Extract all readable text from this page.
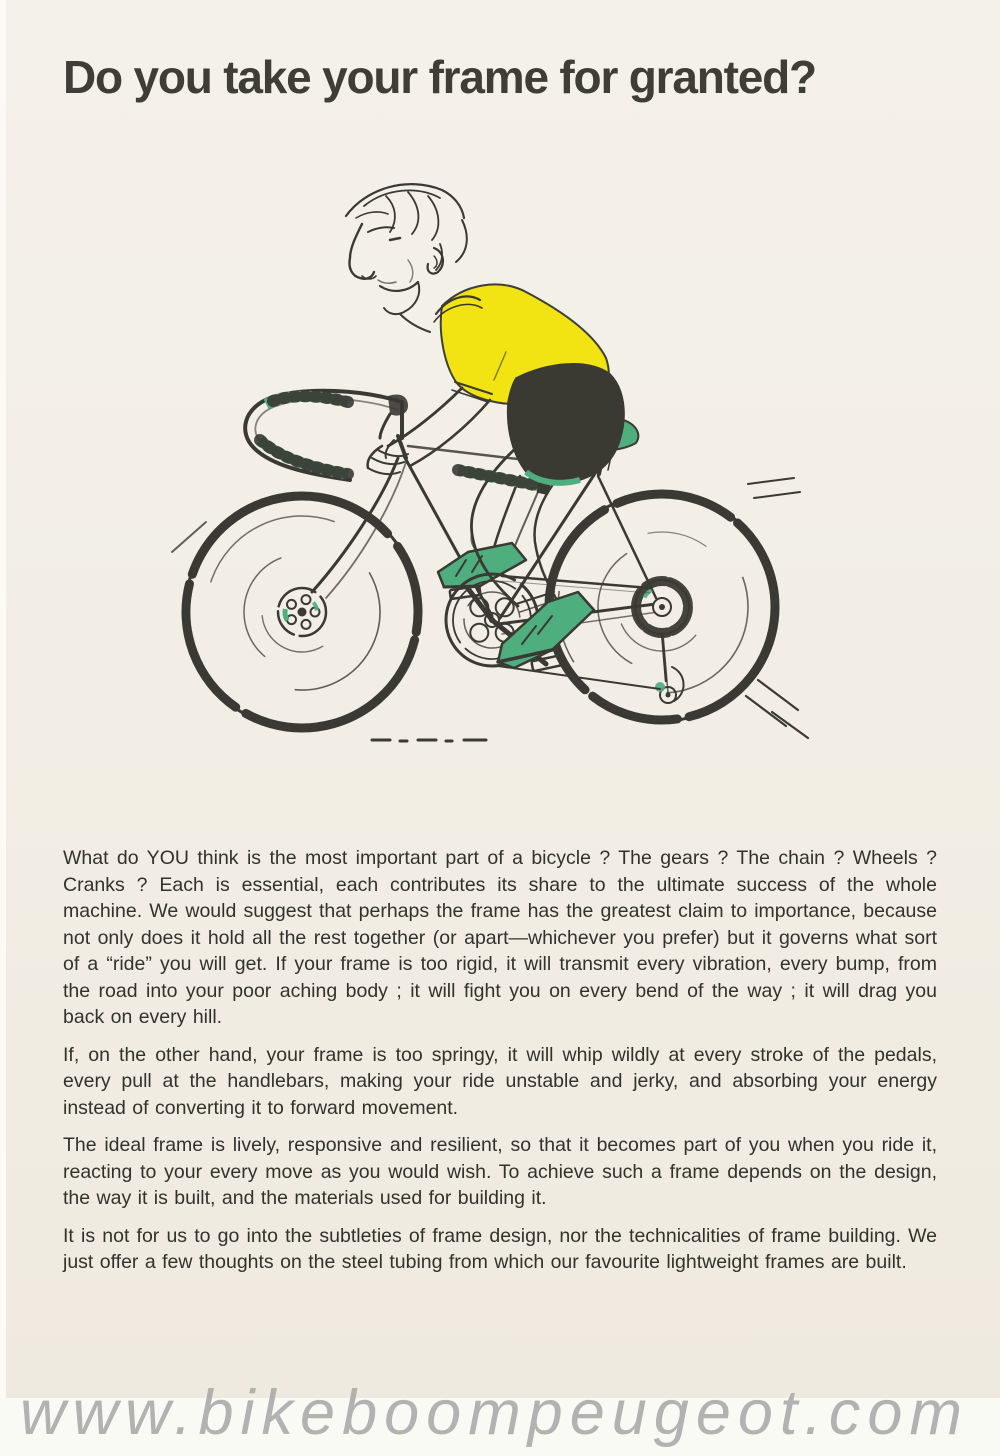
Do you take your frame for granted?

What do YOU think is the most important part of a bicycle ? The gears ? The chain ? Wheels ? Cranks ? Each is essential, each contributes its share to the ultimate success of the whole machine. We would suggest that perhaps the frame has the greatest claim to importance, because not only does it hold all the rest together (or apart—whichever you prefer) but it governs what sort of a “ride” you will get. If your frame is too rigid, it will transmit every vibration, every bump, from the road into your poor aching body ; it will fight you on every bend of the way ; it will drag you back on every hill.

If, on the other hand, your frame is too springy, it will whip wildly at every stroke of the pedals, every pull at the handlebars, making your ride unstable and jerky, and absorbing your energy instead of converting it to forward movement.

The ideal frame is lively, responsive and resilient, so that it becomes part of you when you ride it, reacting to your every move as you would wish. To achieve such a frame depends on the design, the way it is built, and the materials used for building it.

It is not for us to go into the subtleties of frame design, nor the technicalities of frame building. We just offer a few thoughts on the steel tubing from which our favourite lightweight frames are built.

www.bikeboompeugeot.com
